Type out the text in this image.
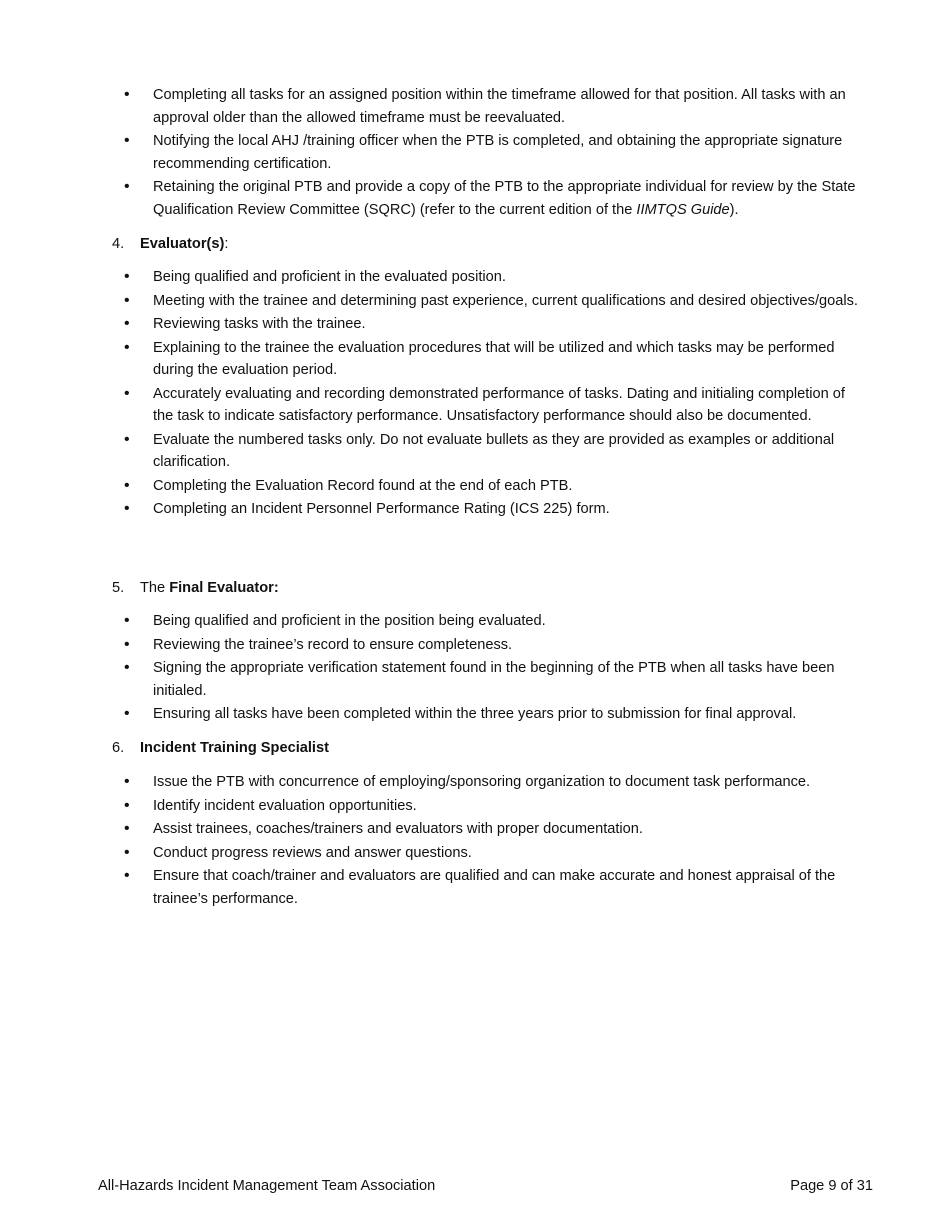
• Completing all tasks for an assigned position within the timeframe allowed for that position. All tasks with an approval older than the allowed timeframe must be reevaluated.
• Notifying the local AHJ /training officer when the PTB is completed, and obtaining the appropriate signature recommending certification.
• Retaining the original PTB and provide a copy of the PTB to the appropriate individual for review by the State Qualification Review Committee (SQRC) (refer to the current edition of the IIMTQS Guide).
4. Evaluator(s):
• Being qualified and proficient in the evaluated position.
• Meeting with the trainee and determining past experience, current qualifications and desired objectives/goals.
• Reviewing tasks with the trainee.
• Explaining to the trainee the evaluation procedures that will be utilized and which tasks may be performed during the evaluation period.
• Accurately evaluating and recording demonstrated performance of tasks. Dating and initialing completion of the task to indicate satisfactory performance. Unsatisfactory performance should also be documented.
• Evaluate the numbered tasks only. Do not evaluate bullets as they are provided as examples or additional clarification.
• Completing the Evaluation Record found at the end of each PTB.
• Completing an Incident Personnel Performance Rating (ICS 225) form.
5. The Final Evaluator:
• Being qualified and proficient in the position being evaluated.
• Reviewing the trainee’s record to ensure completeness.
• Signing the appropriate verification statement found in the beginning of the PTB when all tasks have been initialed.
• Ensuring all tasks have been completed within the three years prior to submission for final approval.
6. Incident Training Specialist
• Issue the PTB with concurrence of employing/sponsoring organization to document task performance.
• Identify incident evaluation opportunities.
• Assist trainees, coaches/trainers and evaluators with proper documentation.
• Conduct progress reviews and answer questions.
• Ensure that coach/trainer and evaluators are qualified and can make accurate and honest appraisal of the trainee’s performance.
All-Hazards Incident Management Team Association	Page 9 of 31
